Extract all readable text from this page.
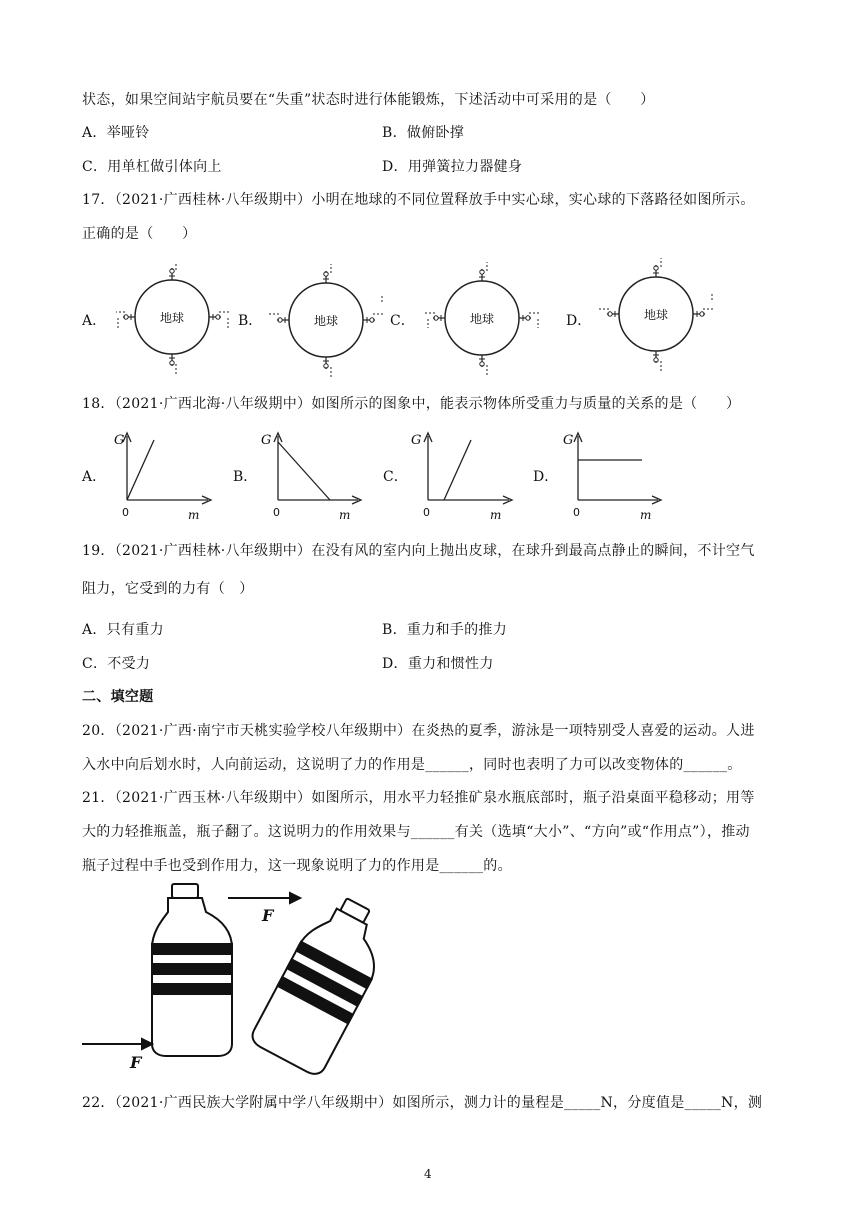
状态，如果空间站宇航员要在“失重”状态时进行体能锻炼，下述活动中可采用的是（　　）
A．举哑铃	B．做俯卧撑
C．用单杠做引体向上	D．用弹簧拉力器健身
17．（2021·广西桂林·八年级期中）小明在地球的不同位置释放手中实心球，实心球的下落路径如图所示。
正确的是（　　）
A．	B．	C．	D．
地球	地球	地球	地球
18．（2021·广西北海·八年级期中）如图所示的图象中，能表示物体所受重力与质量的关系的是（　　）
A．	B．	C．	D．
G
0	m
G
0	m
G
0	m
G
0	m
19．（2021·广西桂林·八年级期中）在没有风的室内向上抛出皮球，在球升到最高点静止的瞬间，不计空气
阻力，它受到的力有（　）
A．只有重力	B．重力和手的推力
C．不受力	D．重力和惯性力
二、填空题
20．（2021·广西·南宁市天桃实验学校八年级期中）在炎热的夏季，游泳是一项特别受人喜爱的运动。人进
入水中向后划水时，人向前运动，这说明了力的作用是______，同时也表明了力可以改变物体的______。
21．（2021·广西玉林·八年级期中）如图所示，用水平力轻推矿泉水瓶底部时，瓶子沿桌面平稳移动；用等
大的力轻推瓶盖，瓶子翻了。这说明力的作用效果与______有关（选填“大小”、“方向”或“作用点”），推动
瓶子过程中手也受到作用力，这一现象说明了力的作用是______的。
F
F
22．（2021·广西民族大学附属中学八年级期中）如图所示，测力计的量程是_____N，分度值是_____N，测
4
